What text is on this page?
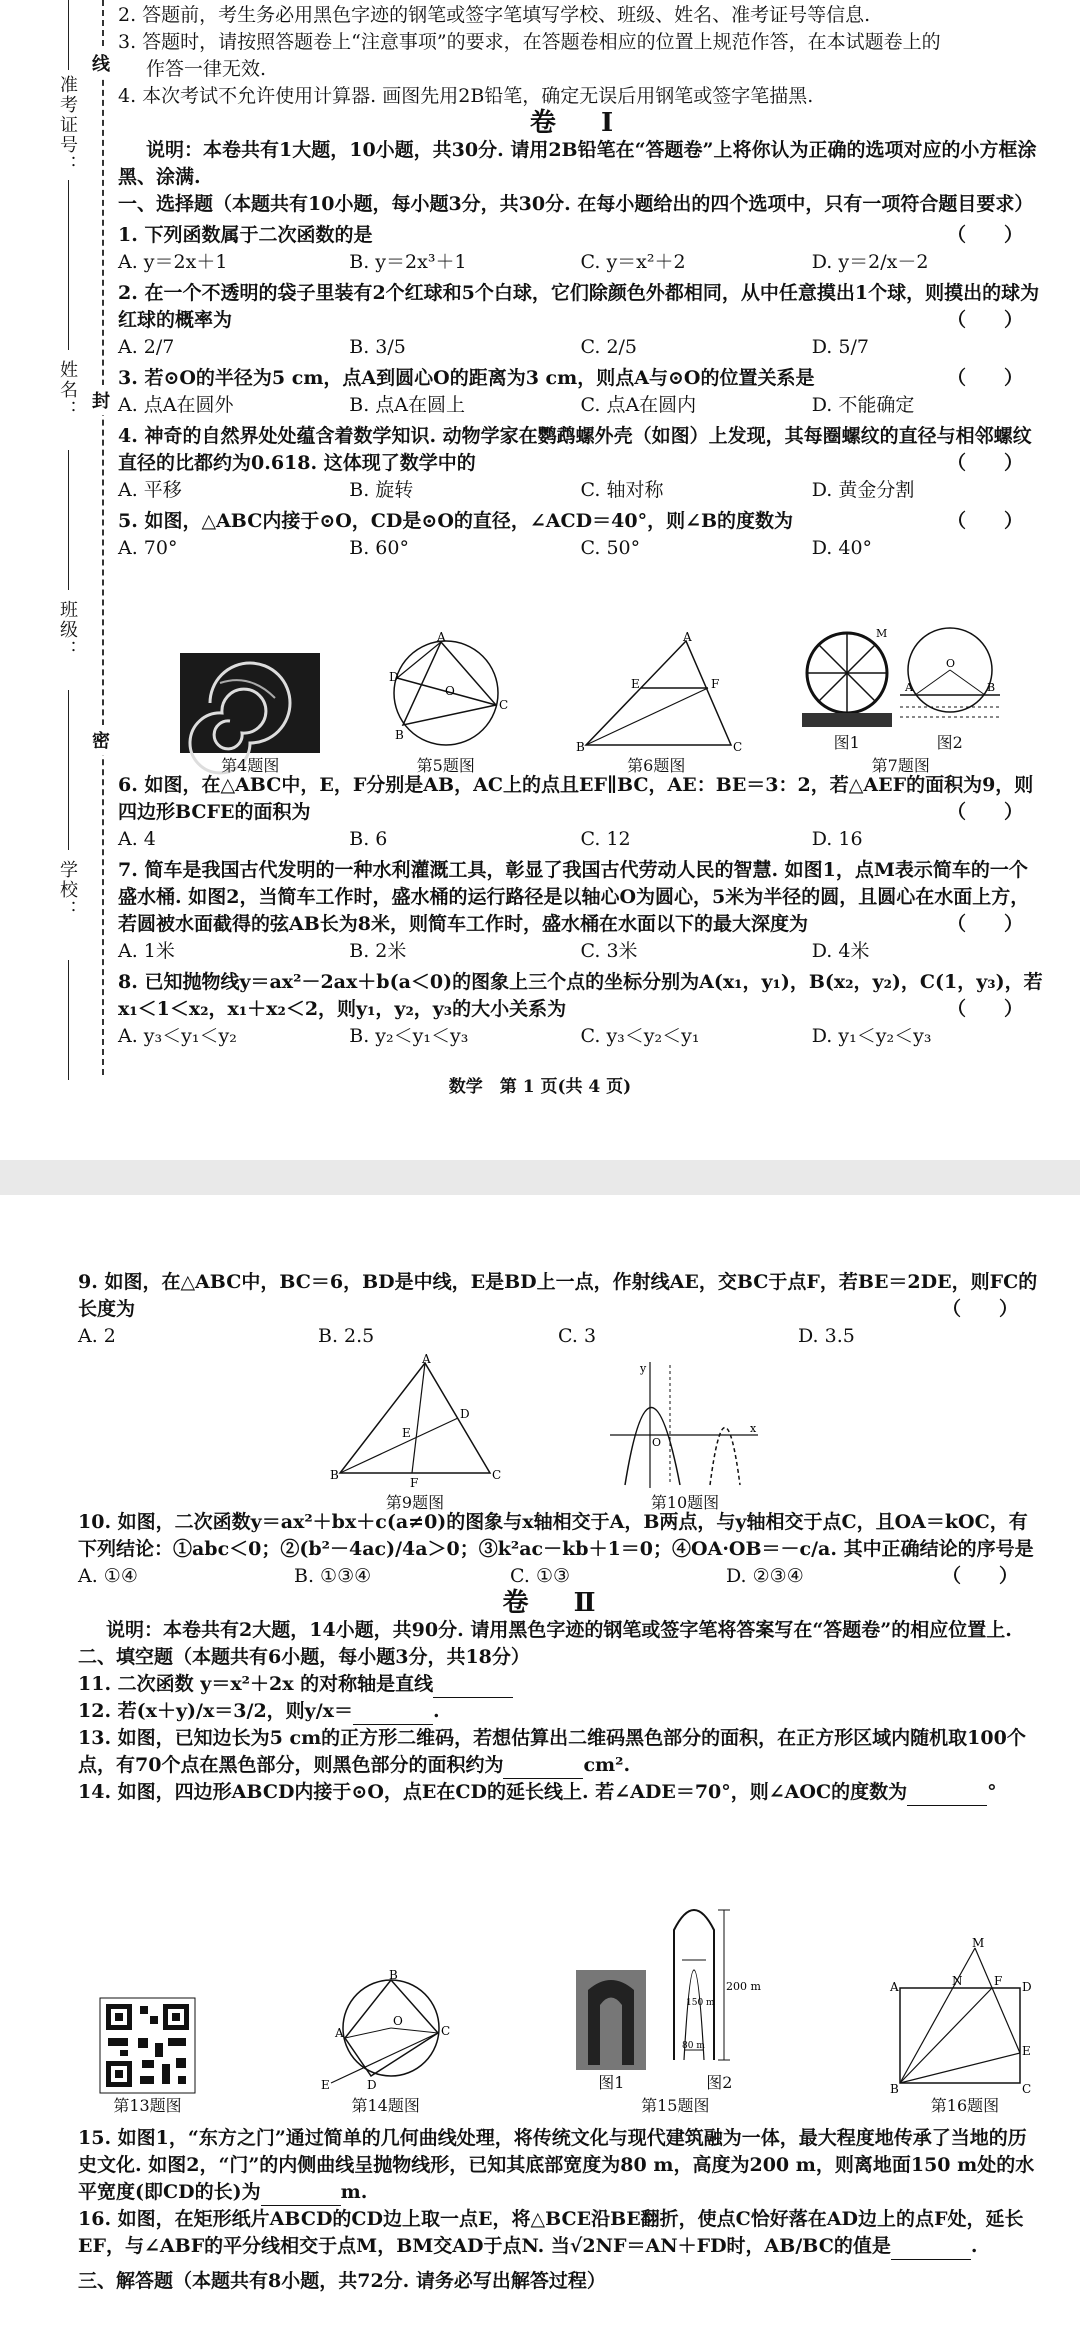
准考证号：
姓名：
班级：
学校：
线
封
密

2. 答题前，考生务必用黑色字迹的钢笔或签字笔填写学校、班级、姓名、准考证号等信息.

3. 答题时，请按照答题卷上“注意事项”的要求，在答题卷相应的位置上规范作答，在本试题卷上的

作答一律无效.

4. 本次考试不允许使用计算器. 画图先用2B铅笔，确定无误后用钢笔或签字笔描黑.

卷 Ⅰ

说明：本卷共有1大题，10小题，共30分. 请用2B铅笔在“答题卷”上将你认为正确的选项对应的小方框涂黑、涂满.

一、选择题（本题共有10小题，每小题3分，共30分. 在每小题给出的四个选项中，只有一项符合题目要求）

1. 下列函数属于二次函数的是	（　　）

A. y＝2x＋1	B. y＝2x³＋1	C. y＝x²＋2	D. y＝2/x－2

2. 在一个不透明的袋子里装有2个红球和5个白球，它们除颜色外都相同，从中任意摸出1个球，则摸出的球为红球的概率为	（　　）

A. 2/7	B. 3/5	C. 2/5	D. 5/7

3. 若⊙O的半径为5 cm，点A到圆心O的距离为3 cm，则点A与⊙O的位置关系是	（　　）

A. 点A在圆外	B. 点A在圆上	C. 点A在圆内	D. 不能确定

4. 神奇的自然界处处蕴含着数学知识. 动物学家在鹦鹉螺外壳（如图）上发现，其每圈螺纹的直径与相邻螺纹直径的比都约为0.618. 这体现了数学中的	（　　）

A. 平移	B. 旋转	C. 轴对称	D. 黄金分割

5. 如图，△ABC内接于⊙O，CD是⊙O的直径，∠ACD＝40°，则∠B的度数为	（　　）

A. 70°	B. 60°	C. 50°	D. 40°
第4题图
A
D
O
B
C
第5题图
A
E	F
B	C
第6题图
M
图1
A	B
O
图2
第7题图

6. 如图，在△ABC中，E，F分别是AB，AC上的点且EF∥BC，AE：BE＝3：2，若△AEF的面积为9，则四边形BCFE的面积为	（　　）

A. 4	B. 6	C. 12	D. 16

7. 简车是我国古代发明的一种水利灌溉工具，彰显了我国古代劳动人民的智慧. 如图1，点M表示简车的一个盛水桶. 如图2，当简车工作时，盛水桶的运行路径是以轴心O为圆心，5米为半径的圆，且圆心在水面上方，若圆被水面截得的弦AB长为8米，则简车工作时，盛水桶在水面以下的最大深度为	（　　）

A. 1米	B. 2米	C. 3米	D. 4米

8. 已知抛物线y＝ax²－2ax＋b(a＜0)的图象上三个点的坐标分别为A(x₁，y₁)，B(x₂，y₂)，C(1，y₃)，若x₁＜1＜x₂，x₁＋x₂＜2，则y₁，y₂，y₃的大小关系为	（　　）

A. y₃＜y₁＜y₂	B. y₂＜y₁＜y₃	C. y₃＜y₂＜y₁	D. y₁＜y₂＜y₃
数学　第 1 页(共 4 页)

9. 如图，在△ABC中，BC＝6，BD是中线，E是BD上一点，作射线AE，交BC于点F，若BE＝2DE，则FC的长度为	（　　）

A. 2	B. 2.5	C. 3	D. 3.5
A
D
E
B
F
C
第9题图
y
x
O
第10题图

10. 如图，二次函数y＝ax²＋bx＋c(a≠0)的图象与x轴相交于A，B两点，与y轴相交于点C，且OA＝kOC，有下列结论：①abc＜0；②(b²－4ac)/4a＞0；③k²ac－kb＋1＝0；④OA·OB＝－c/a. 其中正确结论的序号是
（　　）

A. ①④	B. ①③④	C. ①③	D. ②③④

卷 Ⅱ

说明：本卷共有2大题，14小题，共90分. 请用黑色字迹的钢笔或签字笔将答案写在“答题卷”的相应位置上.

二、填空题（本题共有6小题，每小题3分，共18分）

11. 二次函数 y＝x²＋2x 的对称轴是直线

12. 若(x＋y)/x＝3/2，则y/x＝	.

13. 如图，已知边长为5 cm的正方形二维码，若想估算出二维码黑色部分的面积，在正方形区域内随机取100个点，有70个点在黑色部分，则黑色部分的面积约为	cm².

14. 如图，四边形ABCD内接于⊙O，点E在CD的延长线上. 若∠ADE＝70°，则∠AOC的度数为	°

第13题图
A
B
O
C
D
E
第14题图
图1
200 m
150 m
80 m
图2
第15题图
M
A	N	F D
E
B	C
第16题图

15. 如图1，“东方之门”通过简单的几何曲线处理，将传统文化与现代建筑融为一体，最大程度地传承了当地的历史文化. 如图2，“门”的内侧曲线呈抛物线形，已知其底部宽度为80 m，高度为200 m，则离地面150 m处的水平宽度(即CD的长)为	m.

16. 如图，在矩形纸片ABCD的CD边上取一点E，将△BCE沿BE翻折，使点C恰好落在AD边上的点F处，延长EF，与∠ABF的平分线相交于点M，BM交AD于点N. 当√2NF＝AN＋FD时，AB/BC的值是	.

三、解答题（本题共有8小题，共72分. 请务必写出解答过程）
